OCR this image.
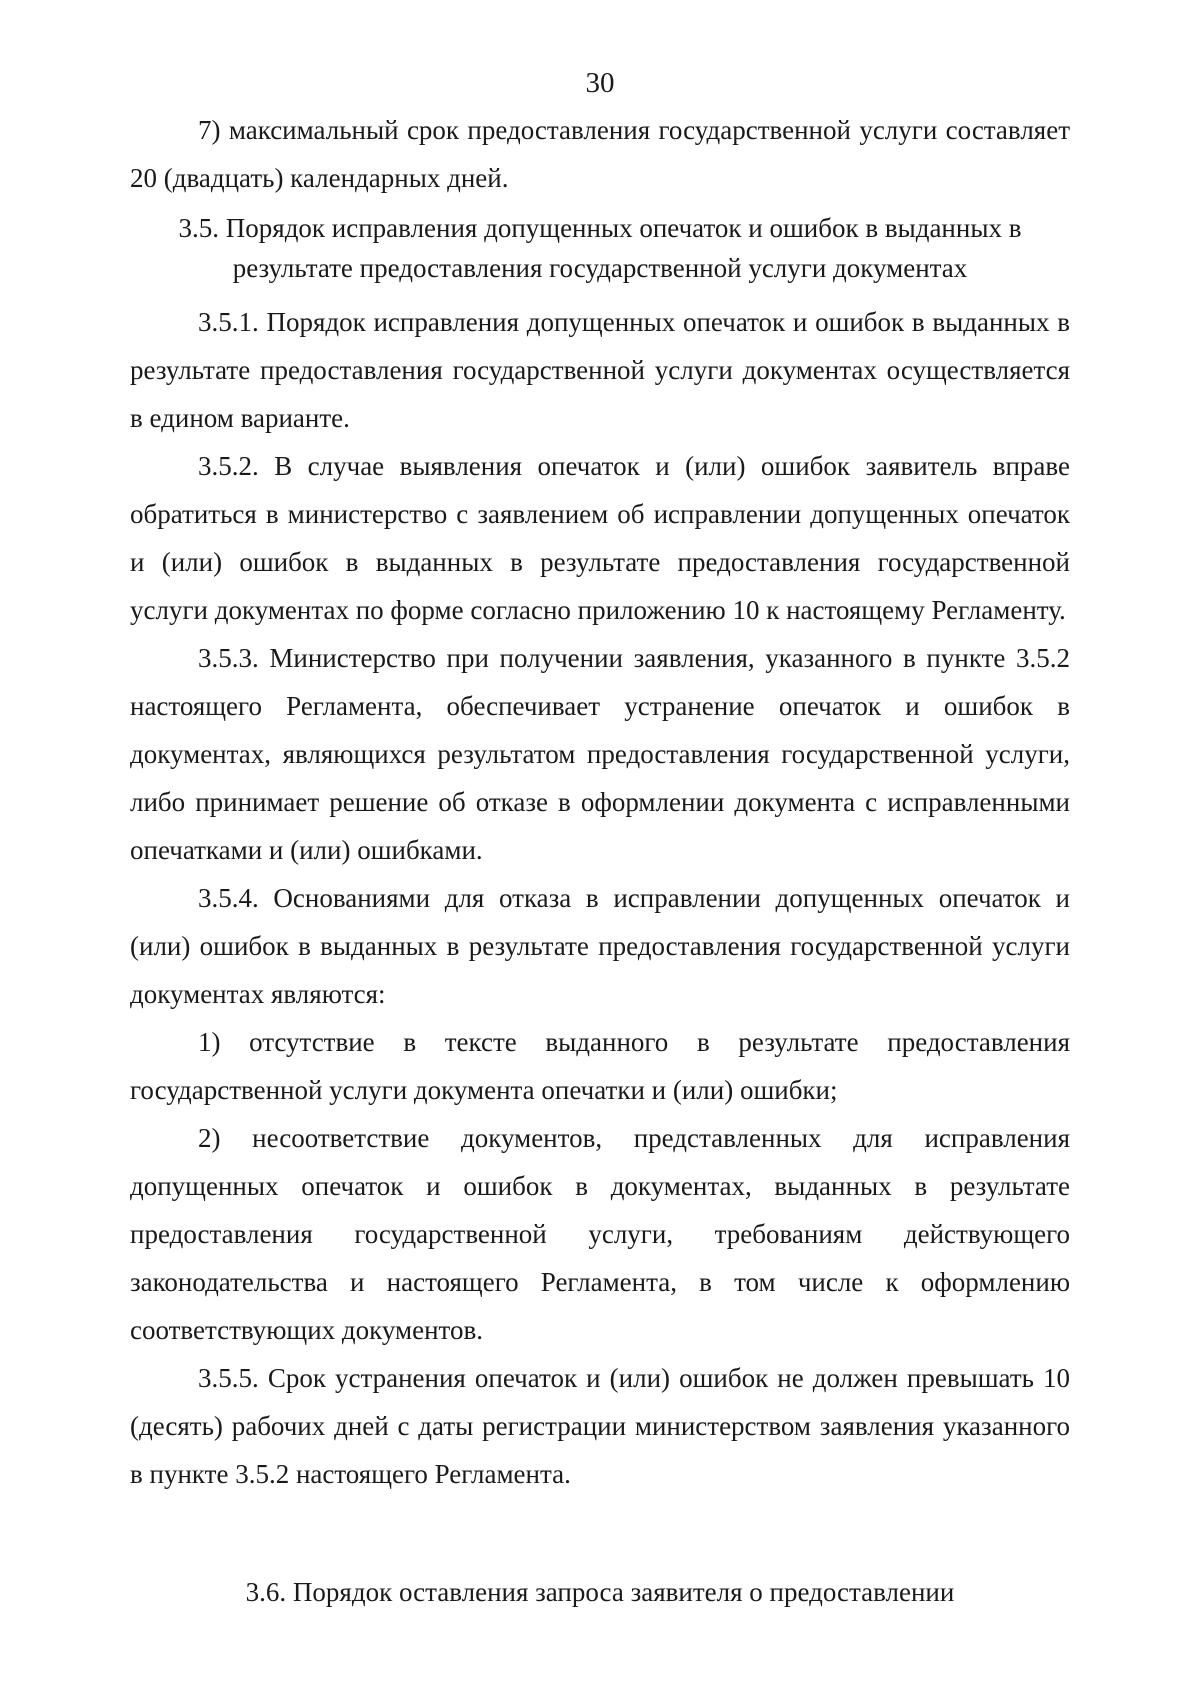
30

7) максимальный срок предоставления государственной услуги составляет 20 (двадцать) календарных дней.

3.5. Порядок исправления допущенных опечаток и ошибок в выданных в результате предоставления государственной услуги документах

3.5.1. Порядок исправления допущенных опечаток и ошибок в выданных в результате предоставления государственной услуги документах осуществляется в едином варианте.

3.5.2. В случае выявления опечаток и (или) ошибок заявитель вправе обратиться в министерство с заявлением об исправлении допущенных опечаток и (или) ошибок в выданных в результате предоставления государственной услуги документах по форме согласно приложению 10 к настоящему Регламенту.

3.5.3. Министерство при получении заявления, указанного в пункте 3.5.2 настоящего Регламента, обеспечивает устранение опечаток и ошибок в документах, являющихся результатом предоставления государственной услуги, либо принимает решение об отказе в оформлении документа с исправленными опечатками и (или) ошибками.

3.5.4. Основаниями для отказа в исправлении допущенных опечаток и (или) ошибок в выданных в результате предоставления государственной услуги документах являются:

1) отсутствие в тексте выданного в результате предоставления государственной услуги документа опечатки и (или) ошибки;

2) несоответствие документов, представленных для исправления допущенных опечаток и ошибок в документах, выданных в результате предоставления государственной услуги, требованиям действующего законодательства и настоящего Регламента, в том числе к оформлению соответствующих документов.

3.5.5. Срок устранения опечаток и (или) ошибок не должен превышать 10 (десять) рабочих дней с даты регистрации министерством заявления указанного в пункте 3.5.2 настоящего Регламента.

3.6. Порядок оставления запроса заявителя о предоставлении
